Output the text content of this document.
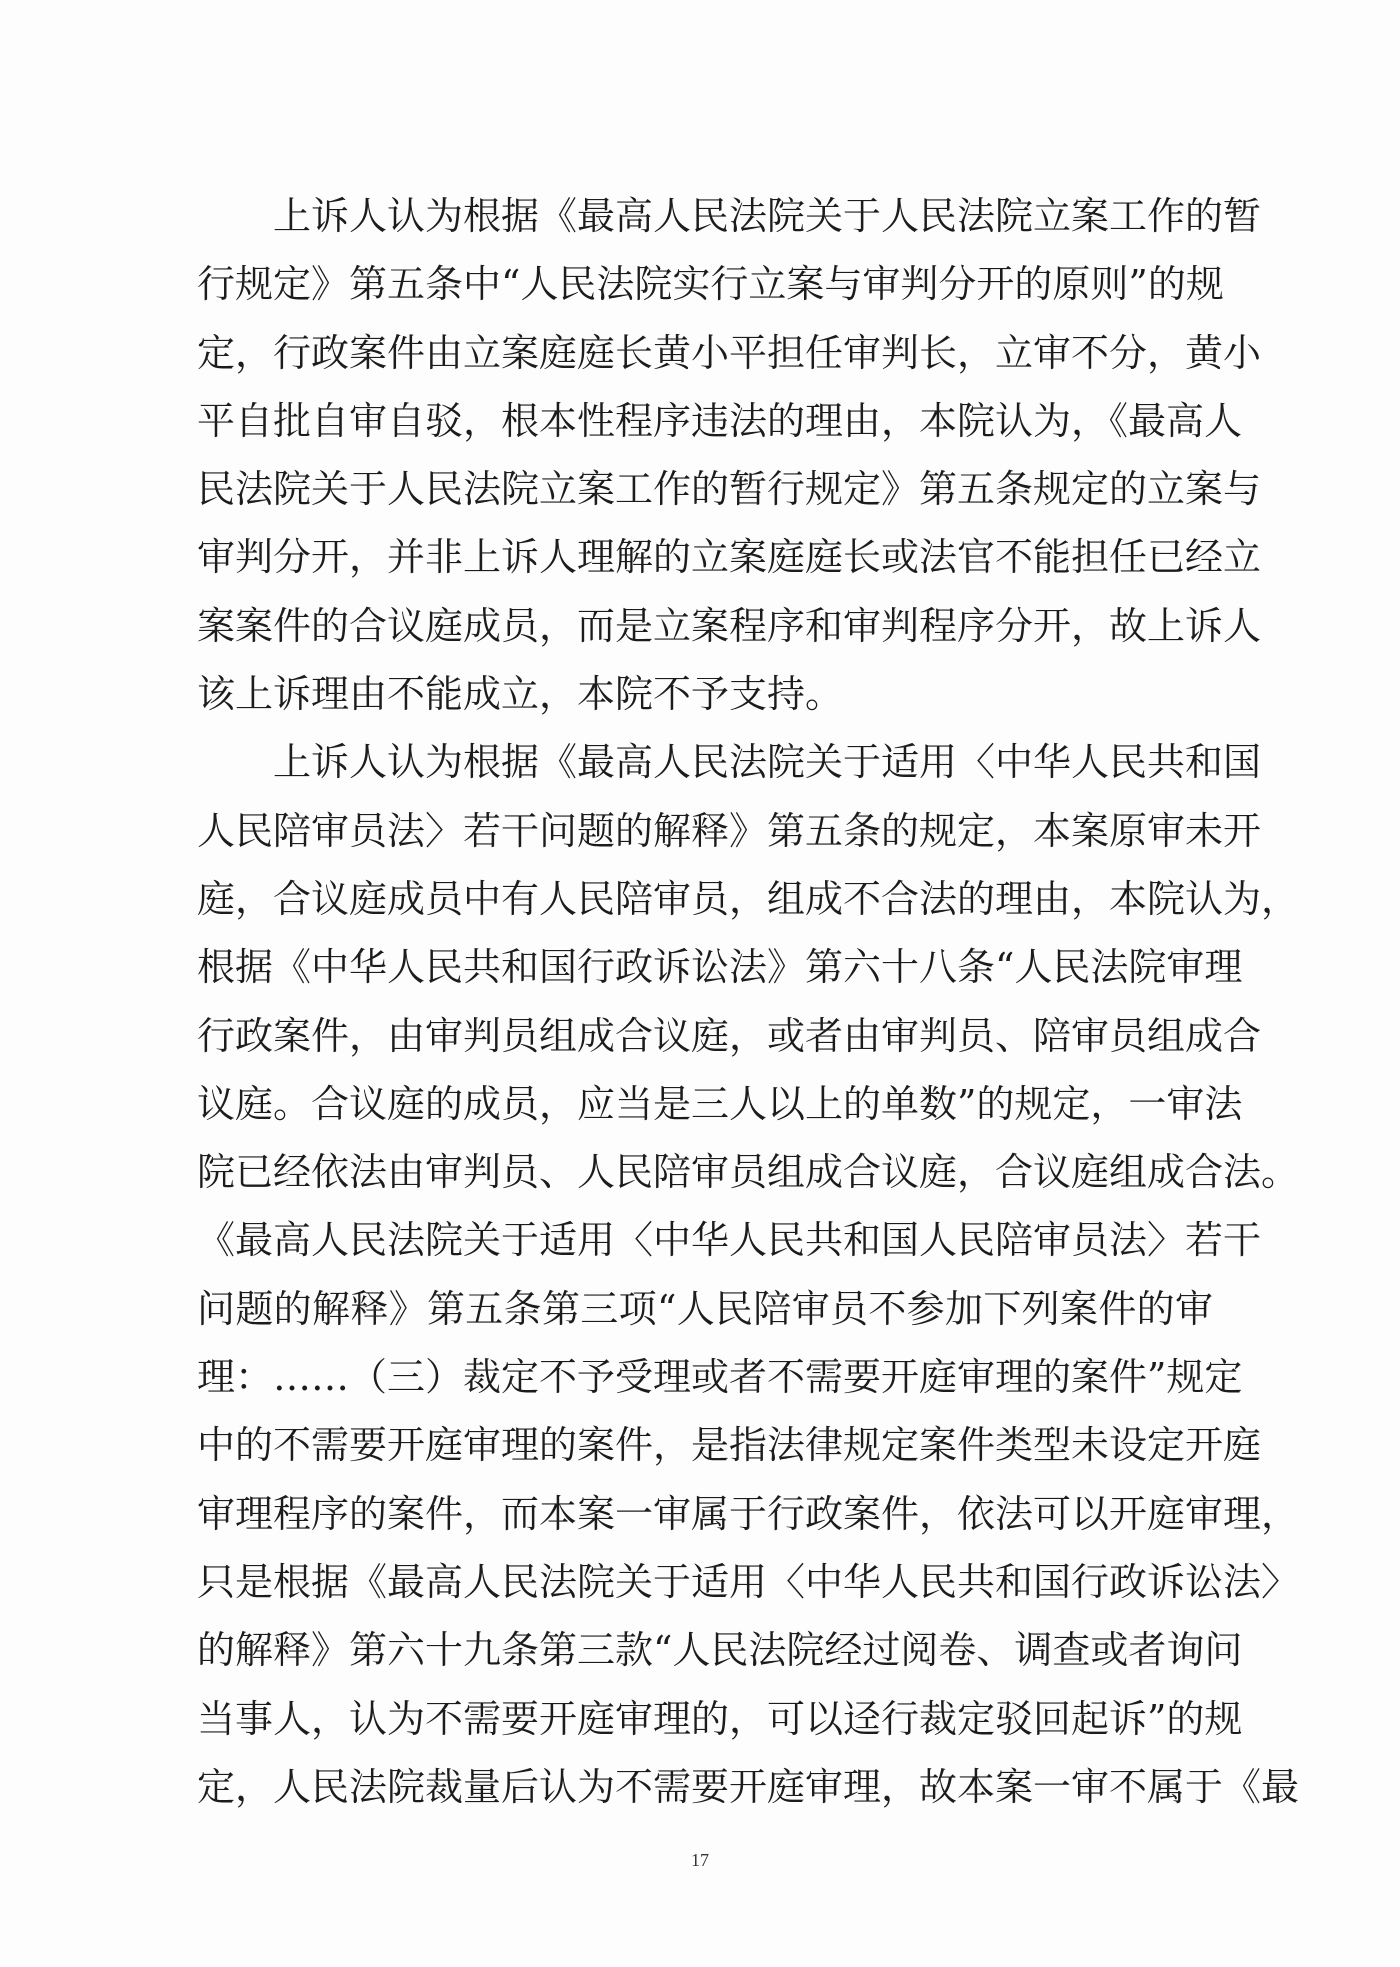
上诉人认为根据《最高人民法院关于人民法院立案工作的暂
行规定》第五条中“人民法院实行立案与审判分开的原则”的规
定，行政案件由立案庭庭长黄小平担任审判长，立审不分，黄小
平自批自审自驳，根本性程序违法的理由，本院认为，《最高人
民法院关于人民法院立案工作的暂行规定》第五条规定的立案与
审判分开，并非上诉人理解的立案庭庭长或法官不能担任已经立
案案件的合议庭成员，而是立案程序和审判程序分开，故上诉人
该上诉理由不能成立，本院不予支持。
上诉人认为根据《最高人民法院关于适用〈中华人民共和国
人民陪审员法〉若干问题的解释》第五条的规定，本案原审未开
庭，合议庭成员中有人民陪审员，组成不合法的理由，本院认为，
根据《中华人民共和国行政诉讼法》第六十八条“人民法院审理
行政案件，由审判员组成合议庭，或者由审判员、陪审员组成合
议庭。合议庭的成员，应当是三人以上的单数”的规定，一审法
院已经依法由审判员、人民陪审员组成合议庭，合议庭组成合法。
《最高人民法院关于适用〈中华人民共和国人民陪审员法〉若干
问题的解释》第五条第三项“人民陪审员不参加下列案件的审
理：……（三）裁定不予受理或者不需要开庭审理的案件”规定
中的不需要开庭审理的案件，是指法律规定案件类型未设定开庭
审理程序的案件，而本案一审属于行政案件，依法可以开庭审理，
只是根据《最高人民法院关于适用〈中华人民共和国行政诉讼法〉
的解释》第六十九条第三款“人民法院经过阅卷、调查或者询问
当事人，认为不需要开庭审理的，可以迳行裁定驳回起诉”的规
定，人民法院裁量后认为不需要开庭审理，故本案一审不属于《最
17
